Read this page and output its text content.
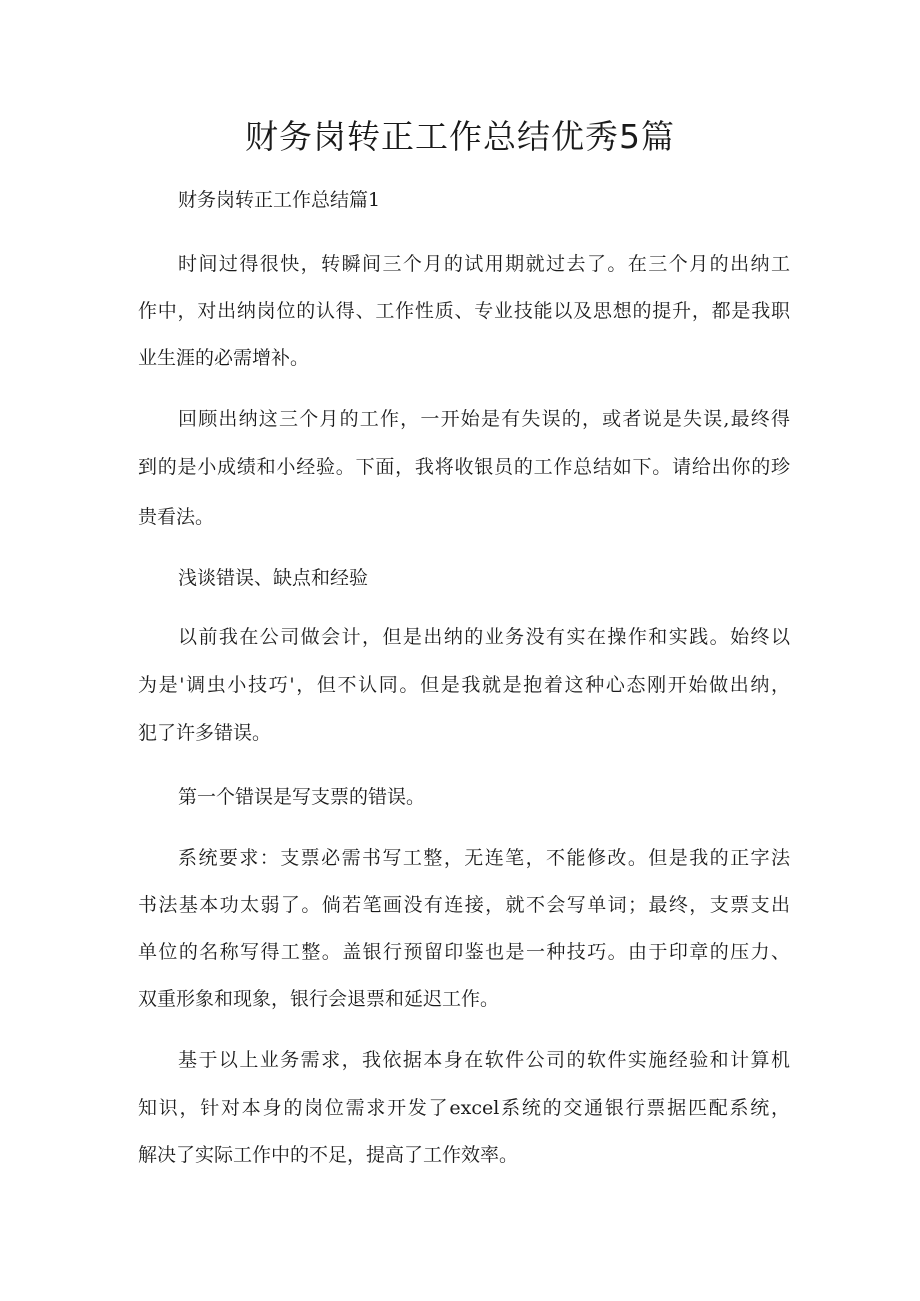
财务岗转正工作总结优秀5篇

财务岗转正工作总结篇1

时间过得很快，转瞬间三个月的试用期就过去了。在三个月的出纳工

作中，对出纳岗位的认得、工作性质、专业技能以及思想的提升，都是我职

业生涯的必需增补。

回顾出纳这三个月的工作，一开始是有失误的，或者说是失误,最终得

到的是小成绩和小经验。下面，我将收银员的工作总结如下。请给出你的珍

贵看法。

浅谈错误、缺点和经验

以前我在公司做会计，但是出纳的业务没有实在操作和实践。始终以

为是'调虫小技巧'，但不认同。但是我就是抱着这种心态刚开始做出纳，

犯了许多错误。

第一个错误是写支票的错误。

系统要求：支票必需书写工整，无连笔，不能修改。但是我的正字法

书法基本功太弱了。倘若笔画没有连接，就不会写单词；最终，支票支出

单位的名称写得工整。盖银行预留印鉴也是一种技巧。由于印章的压力、

双重形象和现象，银行会退票和延迟工作。

基于以上业务需求，我依据本身在软件公司的软件实施经验和计算机

知识，针对本身的岗位需求开发了excel系统的交通银行票据匹配系统，

解决了实际工作中的不足，提高了工作效率。
